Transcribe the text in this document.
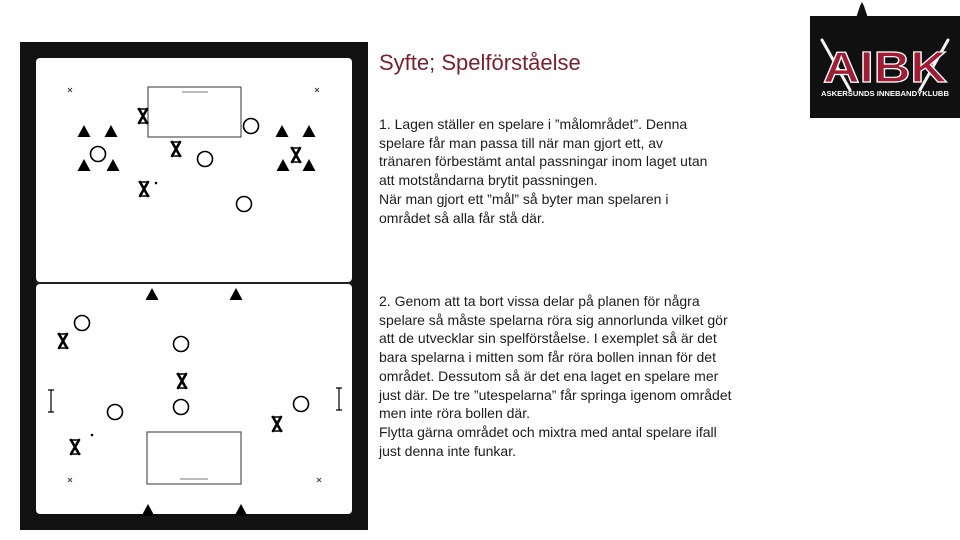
Syfte; Spelförståelse
1. Lagen ställer en spelare i ”målområdet”. Denna
spelare får man passa till när man gjort ett, av
tränaren förbestämt antal passningar inom laget utan
att motståndarna brytit passningen.
När man gjort ett ”mål” så byter man spelaren i
området så alla får stå där.
2. Genom att ta bort vissa delar på planen för några
spelare så måste spelarna röra sig annorlunda vilket gör
att de utvecklar sin spelförståelse. I exemplet så är det
bara spelarna i mitten som får röra bollen innan för det
området. Dessutom så är det ena laget en spelare mer
just där. De tre ”utespelarna” får springa igenom området
men inte röra bollen där.
Flytta gärna området och mixtra med antal spelare ifall
just denna inte funkar.
AIBK
ASKERSUNDS INNEBANDYKLUBB
